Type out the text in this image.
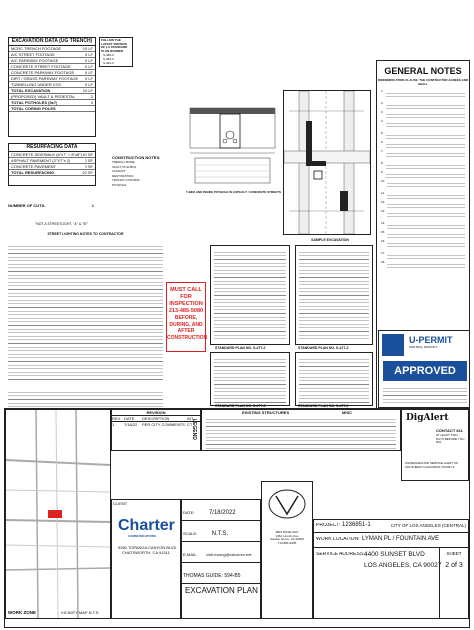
EXCAVATION DATA (UG TRENCH)
MCRC TRENCH FOOTAGE	10 LF
A/C STREET FOOTAGE	0 LF
A/C PARKWAY FOOTAGE	0 LF
CONCRETE STREET FOOTAGE	0 LF
CONCRETE PARKWAY FOOTAGE	0 LF
DIRT / GRASS PARKWAY FOOTAGE 0 LF
TUNNELLING UNDER CGC	0 LF
TOTAL EXCAVATION	10 LF
(PROPOSED) VAULT & PEDESTAL	2
TOTAL POTHOLES (5x7)	4
TOTAL CORING POLES
RESURFACING DATA
CONCRETE SIDEWALK (6"x7" + 8"x8") 10 SF
ASPHALT PAVEMENT (2"X7"x 2)	0 SF
CONCRETE PAVEMENT	0 SF
TOTAL RESURFACING	10 SF
NUMBER OF CUTS:	1
FOLLOW THE LATEST VERSION OF LA STANDARD PLAN NUMBER
S-480-0
S-483-0
S-442-0
CONSTRUCTION NOTES:
TRENCH, BORE
VAULT, PULLBOX
CONDUIT
RESTORATION
TRAFFIC CONTROL
POTHOLE
"NOT A STREETLIGHT, "A" & "B""
T-BED AND INSIDE POTHOLE IN ASPHALT / CONCRETE STREETS
SAMPLE EXCAVATION
GENERAL NOTES
INDEMNIFICATION CLAUSE: THE CONTRACTOR AGREES AND SHALL
1.
2.
3.
4.
5.
6.
7.
8.
9.
10.
11.
12.
13.
14.
15.
16.
17.
18.
U-PERMIT
CENTRAL DISTRICT
APPROVED
STREET LIGHTING NOTES TO CONTRACTOR
MUST CALL FOR INSPECTION
213-485-5080
BEFORE, DURING, AND AFTER CONSTRUCTION
STANDARD PLAN NO. S-477-2	STANDARD PLAN NO. S-477-2
STANDARD PLAN NO. S-477-2	STANDARD PLAN NO. S-477-2
REVISION
REV DATE	DESCRIPTION	INT
1	7/18/22	PER CITY COMMENTS CT
EXISTING STRUCTURES	MISC
LEGEND
DigAlert
CONTACT 811
AT LEAST TWO DAYS BEFORE YOU DIG
UNDERGROUND SERVICE ALERT OF SOUTHERN CALIFORNIA TICKET #
WORK ZONE	VICINITY MAP N.T.S.
CLIENT
Charter
COMMUNICATIONS
9260 TOPANGA CANYON BLVD
CHATSWORTH, CA 91311
DATE: 7/18/2022
SCALE: N.T.S.
E-MAIL: vinh.truong@vdcomm.net
THOMAS GUIDE: 594-B5
EXCAVATION PLAN
4803 ROSE WAY
1361 Lincoln Ave
Garden Grove, CA 92840
714-881-6255
PROJECT: 1236851-1	CITY OF LOS ANGELES (CENTRAL)
WORK LOCATION: LYMAN PL / FOUNTAIN AVE
SERVICE ADDRESS: 4400 SUNSET BLVD
LOS ANGELES, CA 90027
SHEET
2 of 3
